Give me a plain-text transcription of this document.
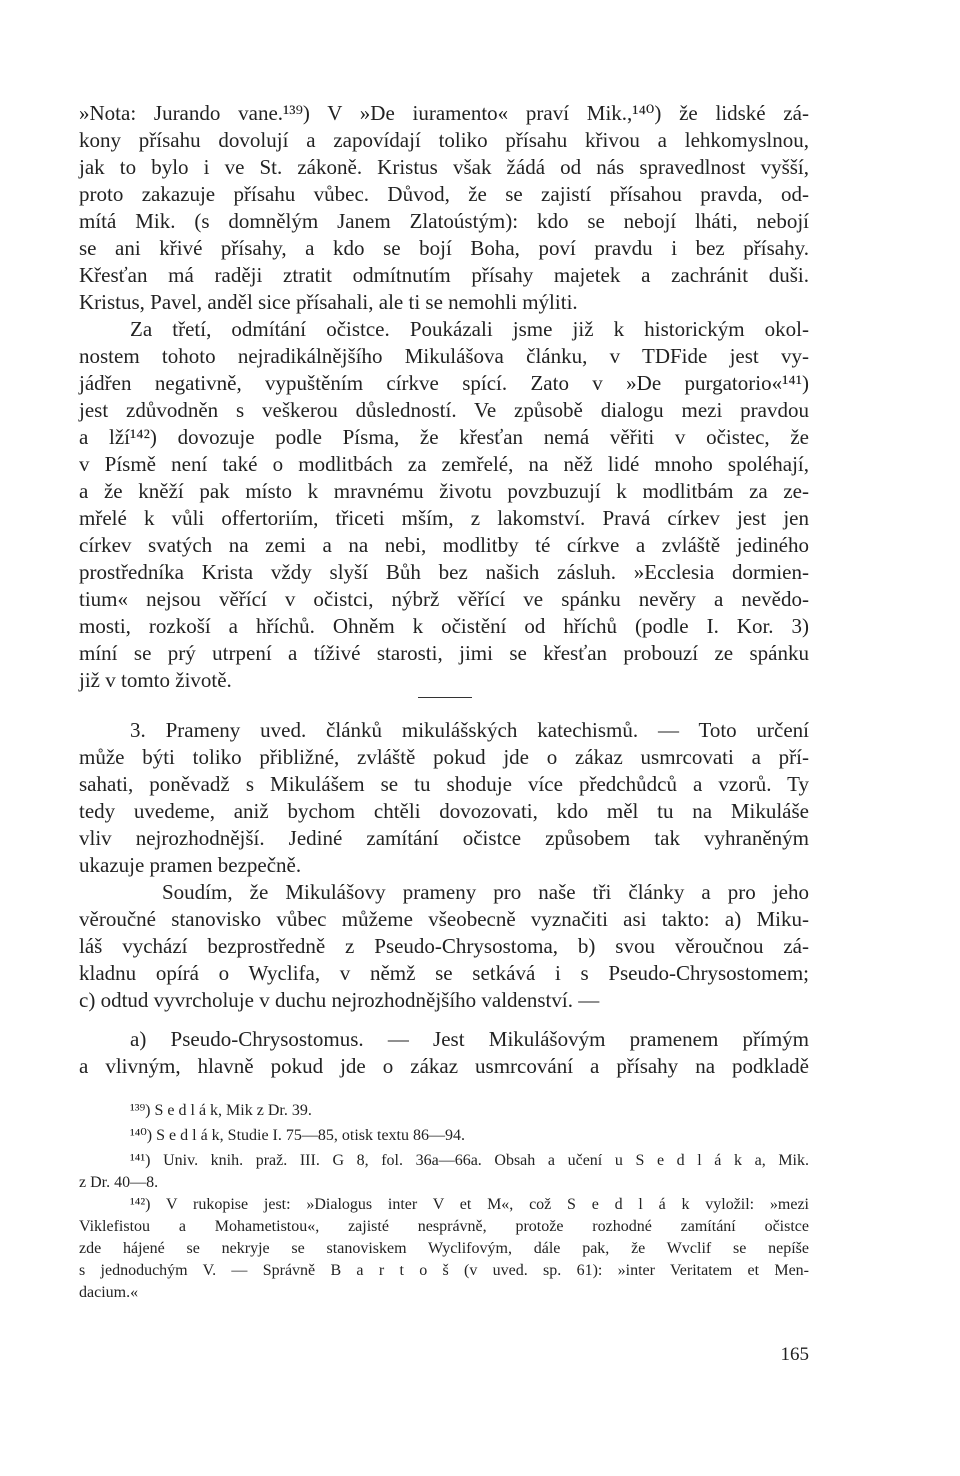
»Nota: Jurando vane.¹³⁹) V »De iuramento« praví Mik.,¹⁴⁰) že lidské zá-
kony přísahu dovolují a zapovídají toliko přísahu křivou a lehkomyslnou,
jak to bylo i ve St. zákoně. Kristus však žádá od nás spravedlnost vyšší,
proto zakazuje přísahu vůbec. Důvod, že se zajistí přísahou pravda, od-
mítá Mik. (s domnělým Janem Zlatoústým): kdo se nebojí lháti, nebojí
se ani křivé přísahy, a kdo se bojí Boha, poví pravdu i bez přísahy.
Křesťan má raději ztratit odmítnutím přísahy majetek a zachránit duši.
Kristus, Pavel, anděl sice přísahali, ale ti se nemohli mýliti.
Za třetí, odmítání očistce. Poukázali jsme již k historickým okol-
nostem tohoto nejradikálnějšího Mikulášova článku, v TDFide jest vy-
jádřen negativně, vypuštěním církve spící. Zato v »De purgatorio«¹⁴¹)
jest zdůvodněn s veškerou důsledností. Ve způsobě dialogu mezi pravdou
a lží¹⁴²) dovozuje podle Písma, že křesťan nemá věřiti v očistec, že
v Písmě není také o modlitbách za zemřelé, na něž lidé mnoho spoléhají,
a že kněží pak místo k mravnému životu povzbuzují k modlitbám za ze-
mřelé k vůli offertoriím, třiceti mším, z lakomství. Pravá církev jest jen
církev svatých na zemi a na nebi, modlitby té církve a zvláště jediného
prostředníka Krista vždy slyší Bůh bez našich zásluh. »Ecclesia dormien-
tium« nejsou věřící v očistci, nýbrž věřící ve spánku nevěry a nevědo-
mosti, rozkoší a hříchů. Ohněm k očistění od hříchů (podle I. Kor. 3)
míní se prý utrpení a tíživé starosti, jimi se křesťan probouzí ze spánku
již v tomto životě.
3. Prameny uved. článků mikulášských katechismů. — Toto určení
může býti toliko přibližné, zvláště pokud jde o zákaz usmrcovati a pří-
sahati, poněvadž s Mikulášem se tu shoduje více předchůdců a vzorů. Ty
tedy uvedeme, aniž bychom chtěli dovozovati, kdo měl tu na Mikuláše
vliv nejrozhodnější. Jediné zamítání očistce způsobem tak vyhraněným
ukazuje pramen bezpečně.
Soudím, že Mikulášovy prameny pro naše tři články a pro jeho
věroučné stanovisko vůbec můžeme všeobecně vyznačiti asi takto: a) Miku-
láš vychází bezprostředně z Pseudo-Chrysostoma, b) svou věroučnou zá-
kladnu opírá o Wyclifa, v němž se setkává i s Pseudo-Chrysostomem;
c) odtud vyvrcholuje v duchu nejrozhodnějšího valdenství. —
a) Pseudo-Chrysostomus. — Jest Mikulášovým pramenem přímým
a vlivným, hlavně pokud jde o zákaz usmrcování a přísahy na podkladě
¹³⁹) S e d l á k, Mik z Dr. 39.
¹⁴⁰) S e d l á k, Studie I. 75—85, otisk textu 86—94.
¹⁴¹) Univ. knih. praž. III. G 8, fol. 36a—66a. Obsah a učení u S e d l á k a, Mik.
z Dr. 40—8.
¹⁴²) V rukopise jest: »Dialogus inter V et M«, což S e d l á k vyložil: »mezi
Viklefistou a Mohametistou«, zajisté nesprávně, protože rozhodné zamítání očistce
zde hájené se nekryje se stanoviskem Wyclifovým, dále pak, že Wvclif se nepíše
s jednoduchým V. — Správně B a r t o š (v uved. sp. 61): »inter Veritatem et Men-
dacium.«
165
